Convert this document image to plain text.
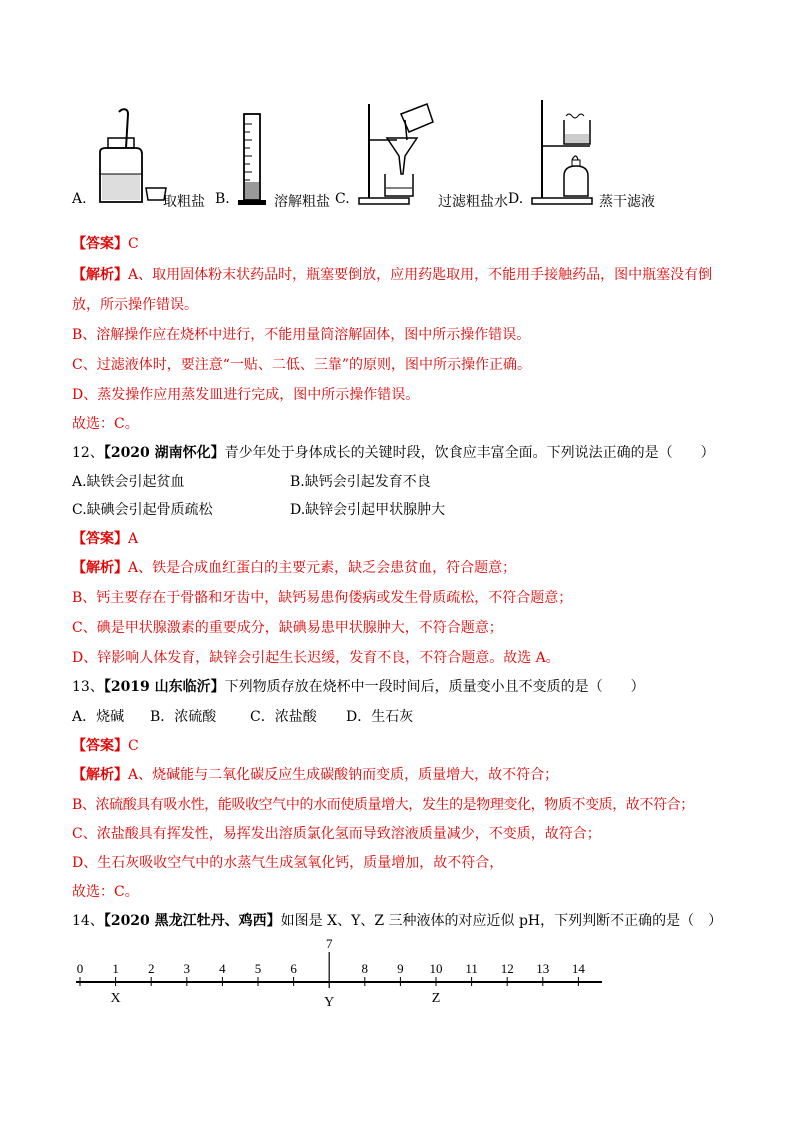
A.	取粗盐 B.	溶解粗盐 C.	过滤粗盐水 D.	蒸干滤液
【答案】C
【解析】A、取用固体粉末状药品时，瓶塞要倒放，应用药匙取用，不能用手接触药品，图中瓶塞没有倒
放，所示操作错误。
B、溶解操作应在烧杯中进行，不能用量筒溶解固体，图中所示操作错误。
C、过滤液体时，要注意“一贴、二低、三靠”的原则，图中所示操作正确。
D、蒸发操作应用蒸发皿进行完成，图中所示操作错误。
故选：C。
12、【2020 湖南怀化】青少年处于身体成长的关键时段，饮食应丰富全面。下列说法正确的是（　　）
A.缺铁会引起贫血	B.缺钙会引起发育不良
C.缺碘会引起骨质疏松	D.缺锌会引起甲状腺肿大
【答案】A
【解析】A、铁是合成血红蛋白的主要元素，缺乏会患贫血，符合题意；
B、钙主要存在于骨骼和牙齿中，缺钙易患佝偻病或发生骨质疏松，不符合题意；
C、碘是甲状腺激素的重要成分，缺碘易患甲状腺肿大，不符合题意；
D、锌影响人体发育，缺锌会引起生长迟缓，发育不良，不符合题意。故选 A。
13、【2019 山东临沂】下列物质存放在烧杯中一段时间后，质量变小且不变质的是（　　）
A．烧碱 B．浓硫酸 C．浓盐酸 D．生石灰
【答案】C
【解析】A、烧碱能与二氧化碳反应生成碳酸钠而变质，质量增大，故不符合；
B、浓硫酸具有吸水性，能吸收空气中的水而使质量增大，发生的是物理变化，物质不变质，故不符合；
C、浓盐酸具有挥发性，易挥发出溶质氯化氢而导致溶液质量减少，不变质，故符合；
D、生石灰吸收空气中的水蒸气生成氢氧化钙，质量增加，故不符合，
故选：C。
14、【2020 黑龙江牡丹、鸡西】如图是 X、Y、Z 三种液体的对应近似 pH，下列判断不正确的是（　）
0 1 2 3 4 5 6
7
8 9 10 11 12 13 14
X	Y	Z
